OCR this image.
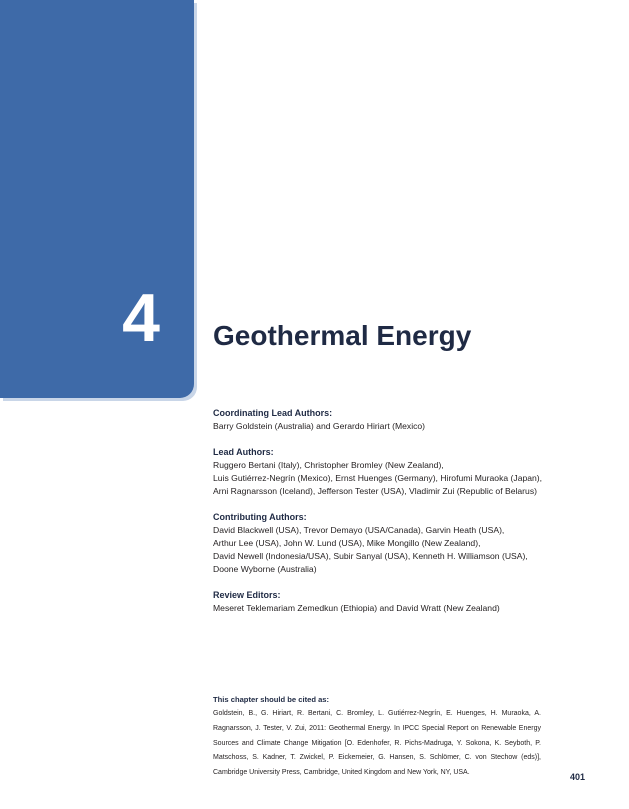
4 Geothermal Energy
Coordinating Lead Authors:
Barry Goldstein (Australia) and Gerardo Hiriart (Mexico)
Lead Authors:
Ruggero Bertani (Italy), Christopher Bromley (New Zealand),
Luis Gutiérrez-Negrín (Mexico), Ernst Huenges (Germany), Hirofumi Muraoka (Japan),
Arni Ragnarsson (Iceland), Jefferson Tester (USA), Vladimir Zui (Republic of Belarus)
Contributing Authors:
David Blackwell (USA), Trevor Demayo (USA/Canada), Garvin Heath (USA),
Arthur Lee (USA), John W. Lund (USA), Mike Mongillo (New Zealand),
David Newell (Indonesia/USA), Subir Sanyal (USA), Kenneth H. Williamson (USA),
Doone Wyborne (Australia)
Review Editors:
Meseret Teklemariam Zemedkun (Ethiopia) and David Wratt (New Zealand)
This chapter should be cited as:

Goldstein, B., G. Hiriart, R. Bertani, C. Bromley, L. Gutiérrez-Negrín, E. Huenges, H. Muraoka, A. Ragnarsson, J. Tester, V. Zui, 2011: Geothermal Energy. In IPCC Special Report on Renewable Energy Sources and Climate Change Mitigation [O. Edenhofer, R. Pichs-Madruga, Y. Sokona, K. Seyboth, P. Matschoss, S. Kadner, T. Zwickel, P. Eickemeier, G. Hansen, S. Schlömer, C. von Stechow (eds)], Cambridge University Press, Cambridge, United Kingdom and New York, NY, USA.	401
